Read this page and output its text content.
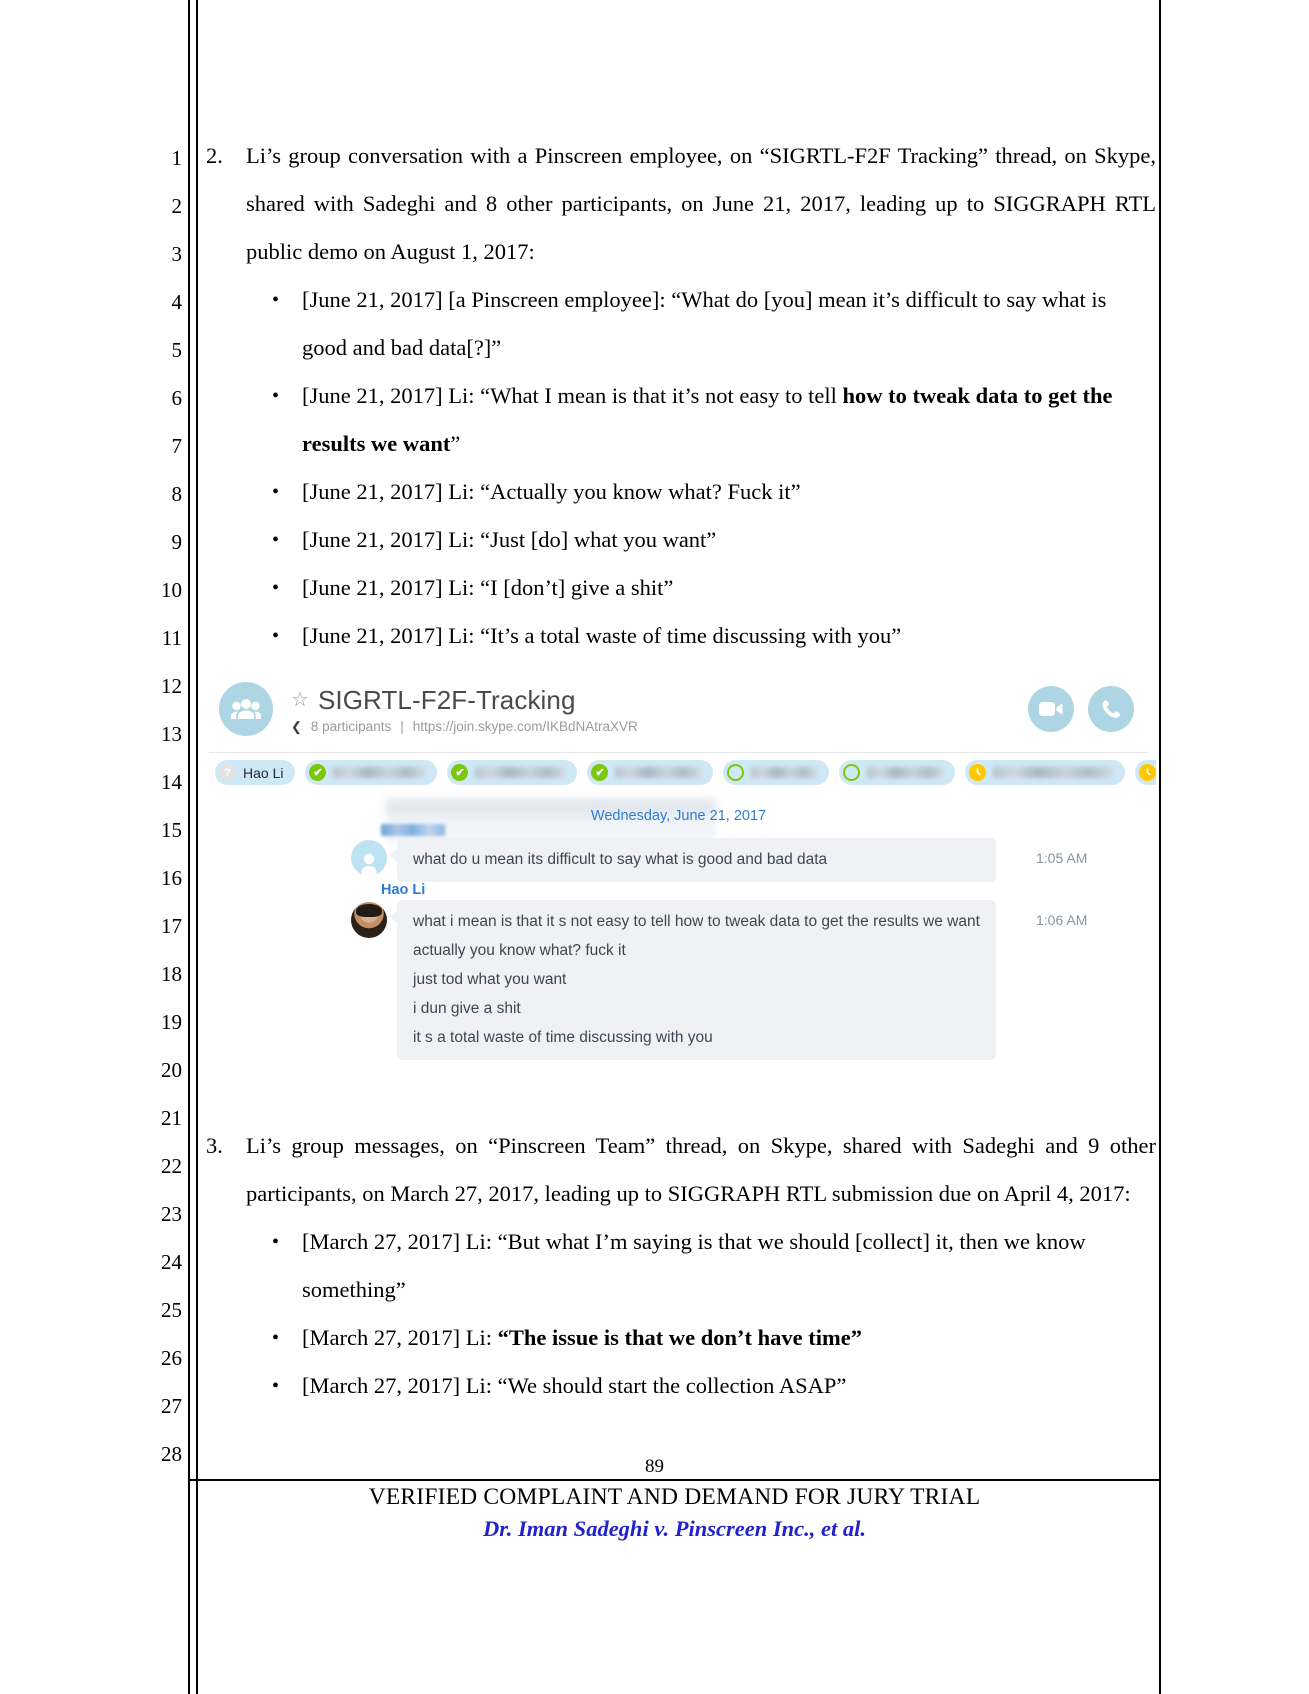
1
2
3
4
5
6
7
8
9
10
11
12
13
14
15
16
17
18
19
20
21
22
23
24
25
26
27
28
2.	Li’s group conversation with a Pinscreen employee, on “SIGRTL-F2F Tracking” thread, on Skype, shared with Sadeghi and 8 other participants, on June 21, 2017, leading up to SIGGRAPH RTL public demo on August 1, 2017:
• [June 21, 2017] [a Pinscreen employee]: “What do [you] mean it’s difficult to say what is good and bad data[?]”
• [June 21, 2017] Li: “What I mean is that it’s not easy to tell how to tweak data to get the results we want”
• [June 21, 2017] Li: “Actually you know what? Fuck it”
• [June 21, 2017] Li: “Just [do] what you want”
• [June 21, 2017] Li: “I [don’t] give a shit”
• [June 21, 2017] Li: “It’s a total waste of time discussing with you”
3.	Li’s group messages, on “Pinscreen Team” thread, on Skype, shared with Sadeghi and 9 other participants, on March 27, 2017, leading up to SIGGRAPH RTL submission due on April 4, 2017:
• [March 27, 2017] Li: “But what I’m saying is that we should [collect] it, then we know something”
• [March 27, 2017] Li: “The issue is that we don’t have time”
• [March 27, 2017] Li: “We should start the collection ASAP”
☆ SIGRTL-F2F-Tracking
❮ 8 participants | https://join.skype.com/IKBdNAtraXVR
? Hao Li	✔
	✔
	✔

Wednesday, June 21, 2017

what do u mean its difficult to say what is good and bad data	1:05 AM
Hao Li

what i mean is that it s not easy to tell how to tweak data to get the results we want

actually you know what? fuck it

just tod what you want

i dun give a shit

it s a total waste of time discussing with you

1:06 AM
89
VERIFIED COMPLAINT AND DEMAND FOR JURY TRIAL
Dr. Iman Sadeghi v. Pinscreen Inc., et al.
